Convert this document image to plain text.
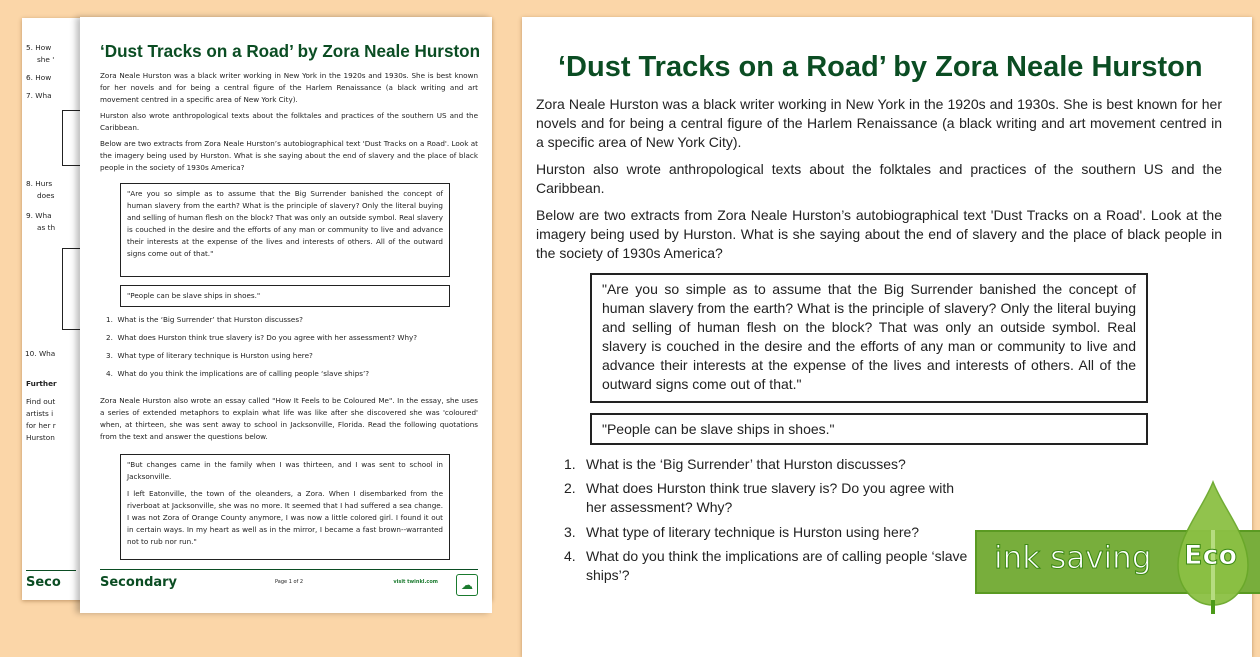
5. How
she '
6. How
7. Wha
8. Hurs
does
9. Wha
as th
10. Wha
Further
Find out
artists i
for her r
Hurston
Seco
‘Dust Tracks on a Road’ by Zora Neale Hurston
Zora Neale Hurston was a black writer working in New York in the 1920s and 1930s. She is best known for her novels and for being a central figure of the Harlem Renaissance (a black writing and art movement centred in a specific area of New York City).
Hurston also wrote anthropological texts about the folktales and practices of the southern US and the Caribbean.
Below are two extracts from Zora Neale Hurston’s autobiographical text 'Dust Tracks on a Road'. Look at the imagery being used by Hurston. What is she saying about the end of slavery and the place of black people in the society of 1930s America?
"Are you so simple as to assume that the Big Surrender banished the concept of human slavery from the earth? What is the principle of slavery? Only the literal buying and selling of human flesh on the block? That was only an outside symbol. Real slavery is couched in the desire and the efforts of any man or community to live and advance their interests at the expense of the lives and interests of others. All of the outward signs come out of that."
"People can be slave ships in shoes."
1. What is the ‘Big Surrender’ that Hurston discusses?
2. What does Hurston think true slavery is? Do you agree with her assessment? Why?
3. What type of literary technique is Hurston using here?
4. What do you think the implications are of calling people ‘slave ships’?
Zora Neale Hurston also wrote an essay called "How It Feels to be Coloured Me". In the essay, she uses a series of extended metaphors to explain what life was like after she discovered she was 'coloured' when, at thirteen, she was sent away to school in Jacksonville, Florida. Read the following quotations from the text and answer the questions below.
"But changes came in the family when I was thirteen, and I was sent to school in Jacksonville.
I left Eatonville, the town of the oleanders, a Zora. When I disembarked from the riverboat at Jacksonville, she was no more. It seemed that I had suffered a sea change. I was not Zora of Orange County anymore, I was now a little colored girl. I found it out in certain ways. In my heart as well as in the mirror, I became a fast brown--warranted not to rub nor run."
Secondary	Page 1 of 2	visit twinkl.com	☁
‘Dust Tracks on a Road’ by Zora Neale Hurston
Zora Neale Hurston was a black writer working in New York in the 1920s and 1930s. She is best known for her novels and for being a central figure of the Harlem Renaissance (a black writing and art movement centred in a specific area of New York City).
Hurston also wrote anthropological texts about the folktales and practices of the southern US and the Caribbean.
Below are two extracts from Zora Neale Hurston’s autobiographical text 'Dust Tracks on a Road'. Look at the imagery being used by Hurston. What is she saying about the end of slavery and the place of black people in the society of 1930s America?
"Are you so simple as to assume that the Big Surrender banished the concept of human slavery from the earth? What is the principle of slavery? Only the literal buying and selling of human flesh on the block? That was only an outside symbol. Real slavery is couched in the desire and the efforts of any man or community to live and advance their interests at the expense of the lives and interests of others. All of the outward signs come out of that."
"People can be slave ships in shoes."
1. What is the ‘Big Surrender’ that Hurston discusses?
2. What does Hurston think true slavery is? Do you agree with her assessment? Why?
3. What type of literary technique is Hurston using here?
4. What do you think the implications are of calling people ‘slave ships’?	ink saving Eco
